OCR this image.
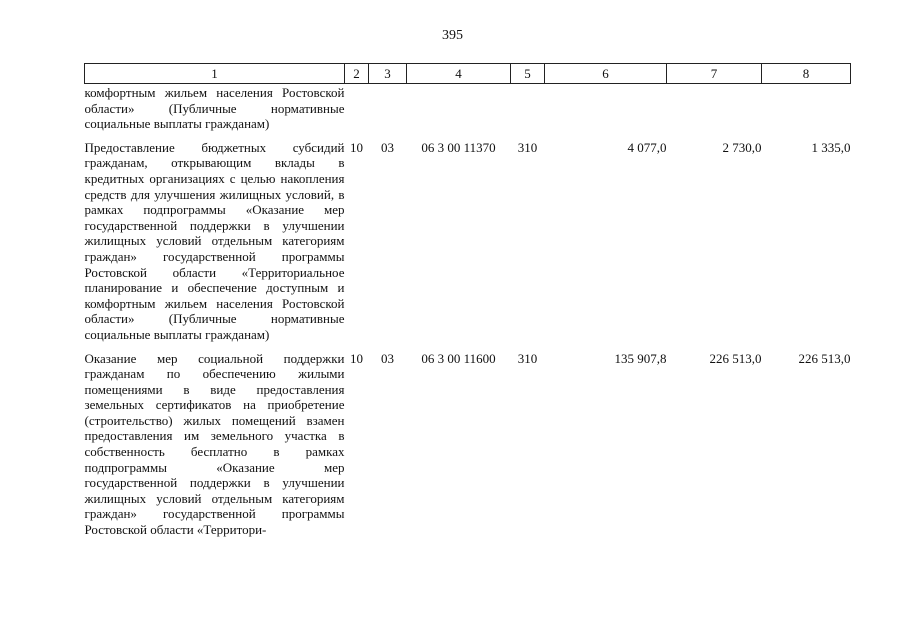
395
1	2	3	4	5	6	7	8
комфортным жильем населения Ростовской области» (Публичные нормативные социальные выплаты гражданам)							
Предоставление бюджетных субсидий гражданам, открывающим вклады в кредитных организациях с целью накопления средств для улучшения жилищных условий, в рамках подпрограммы «Оказание мер государственной поддержки в улучшении жилищных условий отдельным категориям граждан» государственной программы Ростовской области «Территориальное планирование и обеспечение доступным и комфортным жильем населения Ростовской области» (Публичные нормативные социальные выплаты гражданам)	10	03	06 3 00 11370	310	4 077,0	2 730,0	1 335,0
Оказание мер социальной поддержки гражданам по обеспечению жилыми помещениями в виде предоставления земельных сертификатов на приобретение (строительство) жилых помещений взамен предоставления им земельного участка в собственность бесплатно в рамках подпрограммы «Оказание мер государственной поддержки в улучшении жилищных условий отдельным категориям граждан» государственной программы Ростовской области «Территори-	10	03	06 3 00 11600	310	135 907,8	226 513,0	226 513,0
